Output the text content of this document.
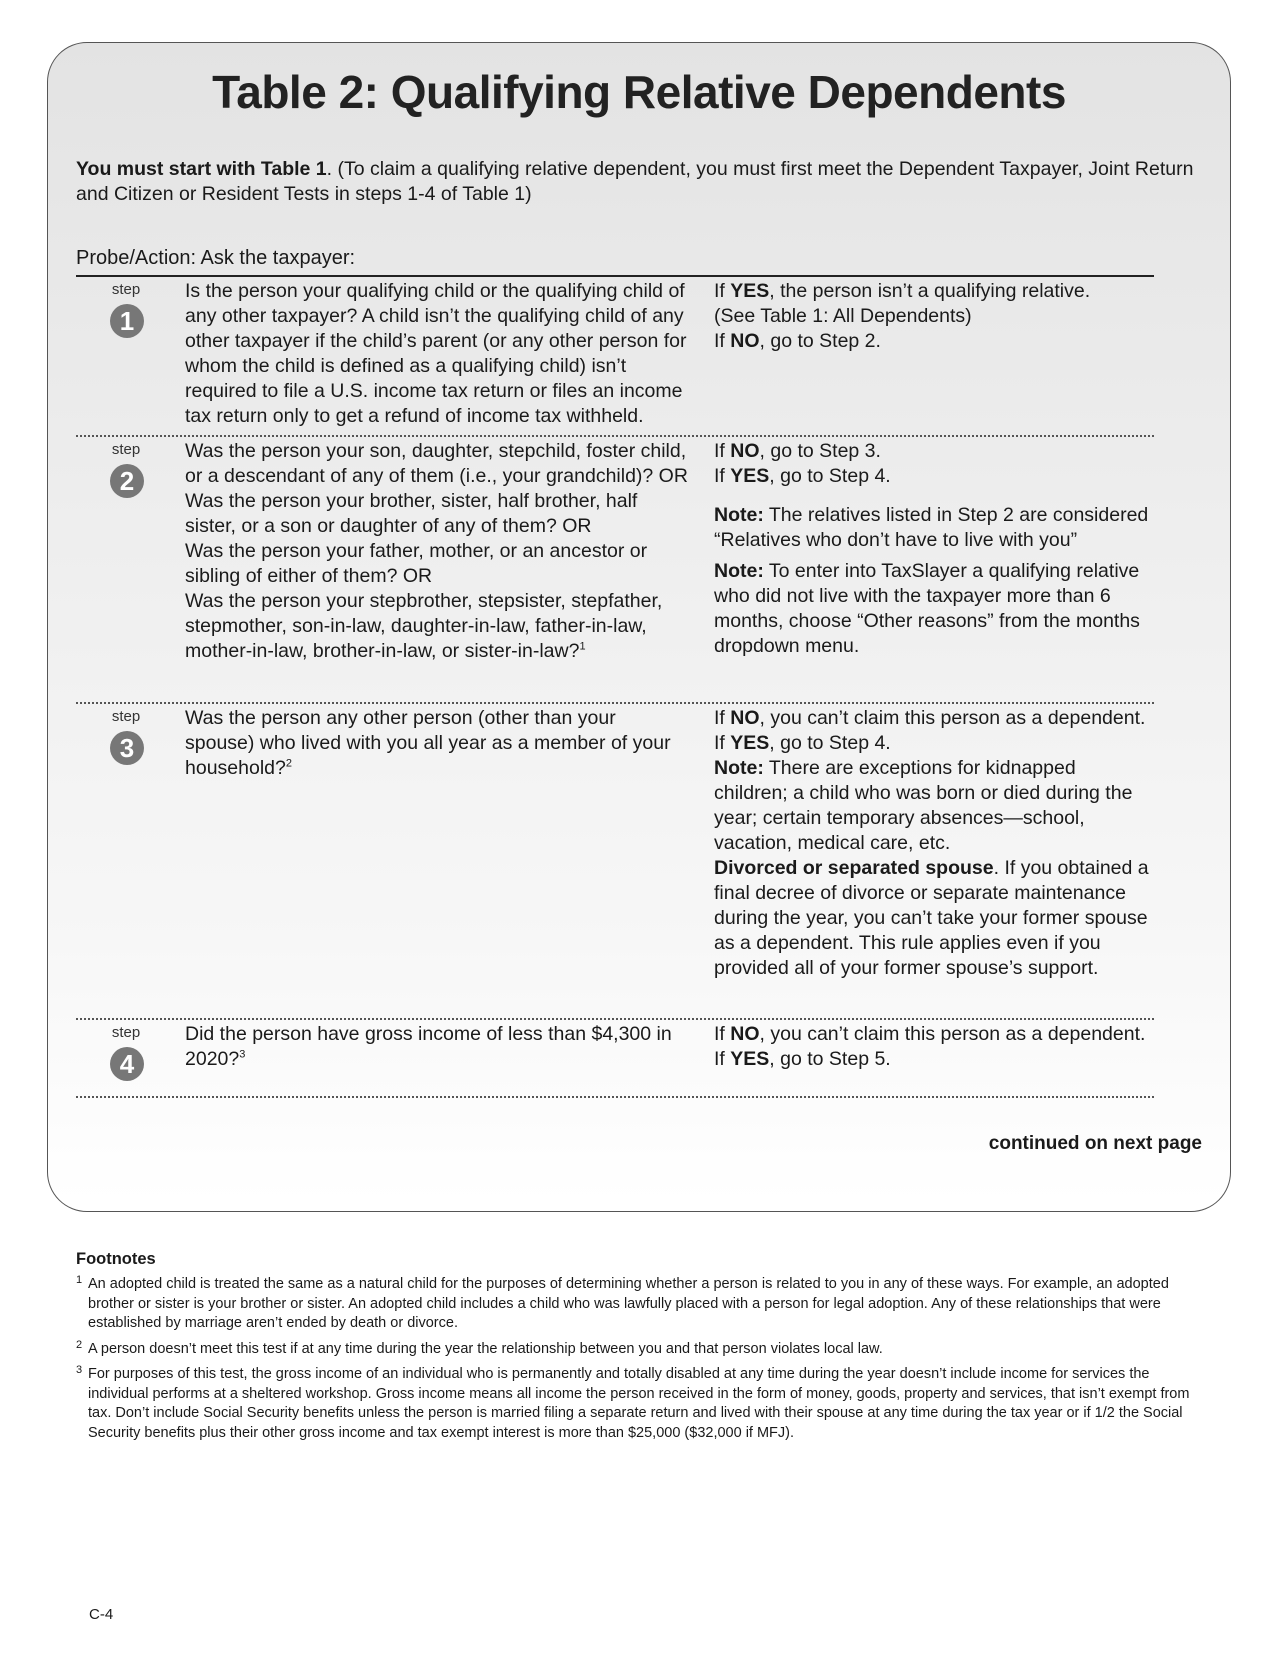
Table 2: Qualifying Relative Dependents
You must start with Table 1. (To claim a qualifying relative dependent, you must first meet the Dependent Taxpayer, Joint Return and Citizen or Resident Tests in steps 1-4 of Table 1)
Probe/Action: Ask the taxpayer:
step
1

Is the person your qualifying child or the qualifying child of any other taxpayer? A child isn’t the qualifying child of any other taxpayer if the child’s parent (or any other person for whom the child is defined as a qualifying child) isn’t required to file a U.S. income tax return or files an income tax return only to get a refund of income tax withheld.

If YES, the person isn’t a qualifying relative.

(See Table 1: All Dependents)

If NO, go to Step 2.

step
2

Was the person your son, daughter, stepchild, foster child, or a descendant of any of them (i.e., your grandchild)? OR

Was the person your brother, sister, half brother, half sister, or a son or daughter of any of them? OR

Was the person your father, mother, or an ancestor or sibling of either of them? OR

Was the person your stepbrother, stepsister, stepfather, stepmother, son-in-law, daughter-in-law, father-in-law, mother-in-law, brother-in-law, or sister-in-law?$^1$

If NO, go to Step 3.

If YES, go to Step 4.

Note: The relatives listed in Step 2 are considered “Relatives who don’t have to live with you”

Note: To enter into TaxSlayer a qualifying relative who did not live with the taxpayer more than 6 months, choose “Other reasons” from the months dropdown menu.

step
3

Was the person any other person (other than your spouse) who lived with you all year as a member of your household?$^2$

If NO, you can’t claim this person as a dependent.

If YES, go to Step 4.

Note: There are exceptions for kidnapped children; a child who was born or died during the year; certain temporary absences—school, vacation, medical care, etc.

Divorced or separated spouse. If you obtained a final decree of divorce or separate maintenance during the year, you can’t take your former spouse as a dependent. This rule applies even if you provided all of your former spouse’s support.

step
4

Did the person have gross income of less than $4,300 in 2020?$^3$

If NO, you can’t claim this person as a dependent.

If YES, go to Step 5.

continued on next page
Footnotes
1 An adopted child is treated the same as a natural child for the purposes of determining whether a person is related to you in any of these ways. For example, an adopted brother or sister is your brother or sister. An adopted child includes a child who was lawfully placed with a person for legal adoption. Any of these relationships that were established by marriage aren’t ended by death or divorce.
2 A person doesn’t meet this test if at any time during the year the relationship between you and that person violates local law.
3 For purposes of this test, the gross income of an individual who is permanently and totally disabled at any time during the year doesn’t include income for services the individual performs at a sheltered workshop. Gross income means all income the person received in the form of money, goods, property and services, that isn’t exempt from tax. Don’t include Social Security benefits unless the person is married filing a separate return and lived with their spouse at any time during the tax year or if 1/2 the Social Security benefits plus their other gross income and tax exempt interest is more than $25,000 ($32,000 if MFJ).
C-4
